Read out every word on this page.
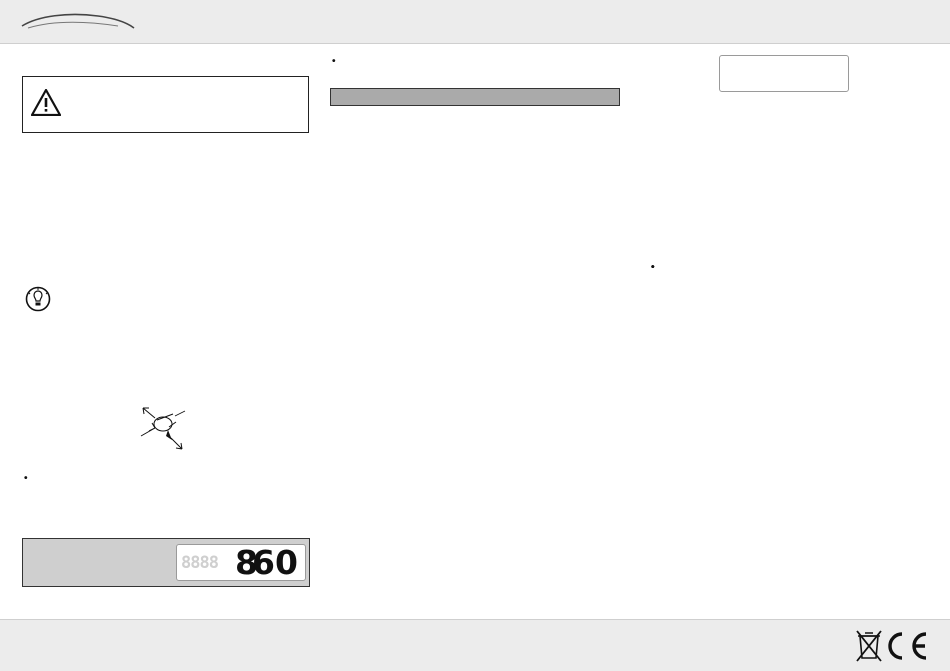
8888 8
60
